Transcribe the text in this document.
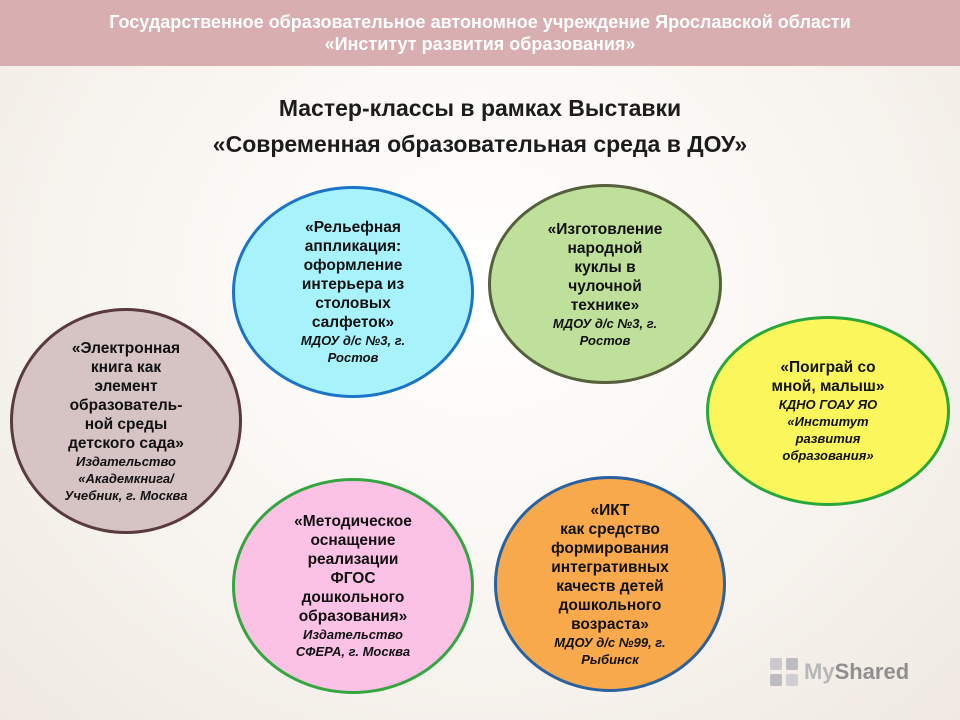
Государственное образовательное автономное учреждение Ярославской области
«Институт развития образования»
Мастер-классы в рамках Выставки
«Современная образовательная среда в ДОУ»
«Рельефная
аппликация:
оформление
интерьера из
столовых
салфеток»
МДОУ д/с №3, г.
Ростов
«Изготовление
народной
куклы в
чулочной
технике»
МДОУ д/с №3, г.
Ростов
«Электронная
книга как
элемент
образователь-
ной среды
детского сада»
Издательство
«Академкнига/
Учебник, г. Москва
«Поиграй со
мной, малыш»
КДНО ГОАУ ЯО
«Институт
развития
образования»
«Методическое
оснащение
реализации
ФГОС
дошкольного
образования»
Издательство
СФЕРА, г. Москва
«ИКТ
как средство
формирования
интегративных
качеств детей
дошкольного
возраста»
МДОУ д/с №99, г.
Рыбинск	My Shared
